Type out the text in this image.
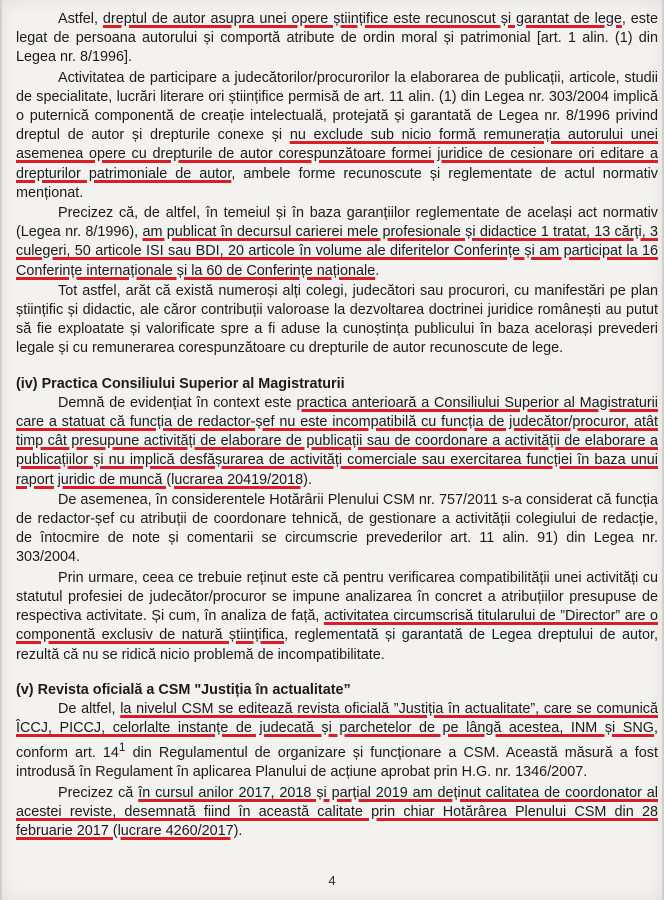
Astfel, dreptul de autor asupra unei opere științifice este recunoscut și garantat de lege, este legat de persoana autorului și comportă atribute de ordin moral și patrimonial [art. 1 alin. (1) din Legea nr. 8/1996].

Activitatea de participare a judecătorilor/procurorilor la elaborarea de publicații, articole, studii de specialitate, lucrări literare ori științifice permisă de art. 11 alin. (1) din Legea nr. 303/2004 implică o puternică componentă de creație intelectuală, protejată și garantată de Legea nr. 8/1996 privind dreptul de autor și drepturile conexe și nu exclude sub nicio formă remunerația autorului unei asemenea opere cu drepturile de autor corespunzătoare formei juridice de cesionare ori editare a drepturilor patrimoniale de autor, ambele forme recunoscute și reglementate de actul normativ menționat.

Precizez că, de altfel, în temeiul și în baza garanțiilor reglementate de același act normativ (Legea nr. 8/1996), am publicat în decursul carierei mele profesionale și didactice 1 tratat, 13 cărți, 3 culegeri, 50 articole ISI sau BDI, 20 articole în volume ale diferitelor Conferințe și am participat la 16 Conferințe internaționale și la 60 de Conferințe naționale.

Tot astfel, arăt că există numeroși alți colegi, judecători sau procurori, cu manifestări pe plan științific și didactic, ale căror contribuții valoroase la dezvoltarea doctrinei juridice românești au putut să fie exploatate și valorificate spre a fi aduse la cunoștința publicului în baza acelorași prevederi legale și cu remunerarea corespunzătoare cu drepturile de autor recunoscute de lege.

(iv) Practica Consiliului Superior al Magistraturii

Demnă de evidențiat în context este practica anterioară a Consiliului Superior al Magistraturii care a statuat că funcția de redactor-șef nu este incompatibilă cu funcția de judecător/procuror, atât timp cât presupune activități de elaborare de publicații sau de coordonare a activității de elaborare a publicațiilor și nu implică desfășurarea de activități comerciale sau exercitarea funcției în baza unui raport juridic de muncă (lucrarea 20419/2018).

De asemenea, în considerentele Hotărârii Plenului CSM nr. 757/2011 s-a considerat că funcția de redactor-șef cu atribuții de coordonare tehnică, de gestionare a activității colegiului de redacție, de întocmire de note și comentarii se circumscrie prevederilor art. 11 alin. 91) din Legea nr. 303/2004.

Prin urmare, ceea ce trebuie reținut este că pentru verificarea compatibilității unei activități cu statutul profesiei de judecător/procuror se impune analizarea în concret a atribuțiilor presupuse de respectiva activitate. Și cum, în analiza de față, activitatea circumscrisă titularului de ”Director” are o componentă exclusiv de natură științifica, reglementată și garantată de Legea dreptului de autor, rezultă că nu se ridică nicio problemă de incompatibilitate.

(v) Revista oficială a CSM "Justiția în actualitate”

De altfel, la nivelul CSM se editează revista oficială ”Justiția în actualitate”, care se comunică ÎCCJ, PICCJ, celorlalte instanțe de judecată și parchetelor de pe lângă acestea, INM și SNG, conform art. $14^1$ din Regulamentul de organizare și funcționare a CSM. Această măsură a fost introdusă în Regulament în aplicarea Planului de acțiune aprobat prin H.G. nr. 1346/2007.

Precizez că în cursul anilor 2017, 2018 și parțial 2019 am deținut calitatea de coordonator al acestei reviste, desemnată fiind în această calitate prin chiar Hotărârea Plenului CSM din 28 februarie 2017 (lucrare 4260/2017).

4
